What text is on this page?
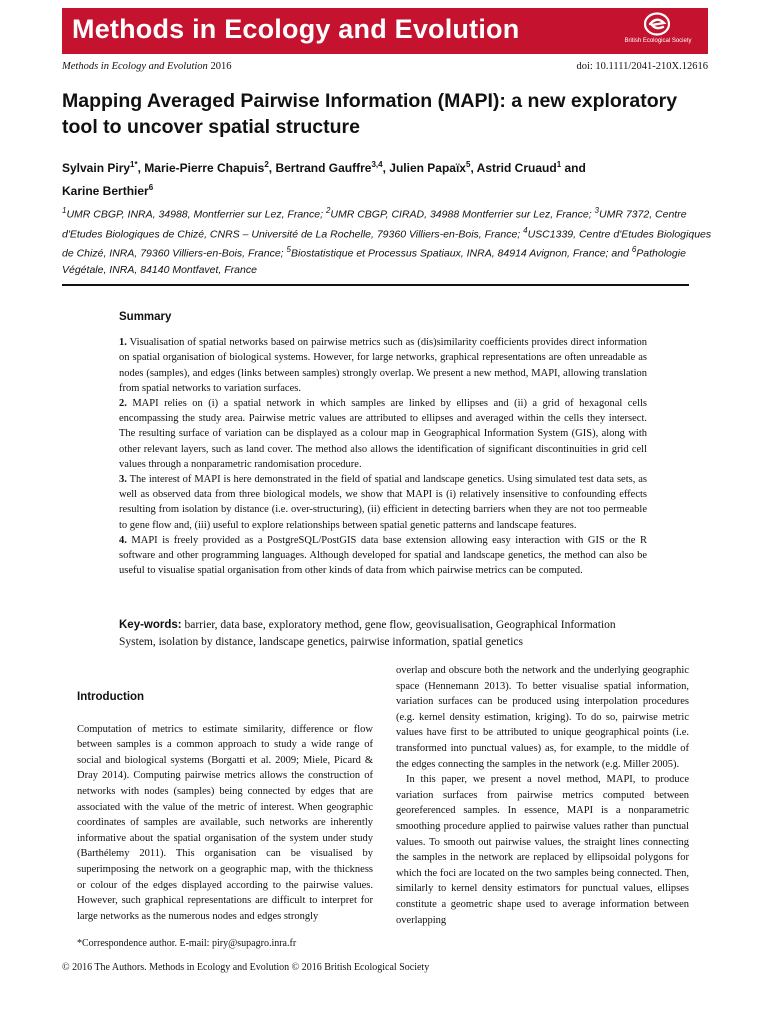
Methods in Ecology and Evolution	British Ecological Society
Methods in Ecology and Evolution 2016	doi: 10.1111/2041-210X.12616
Mapping Averaged Pairwise Information (MAPI): a new exploratory tool to uncover spatial structure
Sylvain Piry$^{1*}$, Marie-Pierre Chapuis$^2$, Bertrand Gauffre$^{3,4}$, Julien Papaïx$^5$, Astrid Cruaud$^1$ and
Karine Berthier$^6$
$^1$UMR CBGP, INRA, 34988, Montferrier sur Lez, France; $^2$UMR CBGP, CIRAD, 34988 Montferrier sur Lez, France; $^3$UMR 7372, Centre d'Etudes Biologiques de Chizé, CNRS – Université de La Rochelle, 79360 Villiers-en-Bois, France; $^4$USC1339, Centre d'Etudes Biologiques de Chizé, INRA, 79360 Villiers-en-Bois, France; $^5$Biostatistique et Processus Spatiaux, INRA, 84914 Avignon, France; and $^6$Pathologie Végétale, INRA, 84140 Montfavet, France
Summary

1. Visualisation of spatial networks based on pairwise metrics such as (dis)similarity coefficients provides direct information on spatial organisation of biological systems. However, for large networks, graphical representations are often unreadable as nodes (samples), and edges (links between samples) strongly overlap. We present a new method, MAPI, allowing translation from spatial networks to variation surfaces.

2. MAPI relies on (i) a spatial network in which samples are linked by ellipses and (ii) a grid of hexagonal cells encompassing the study area. Pairwise metric values are attributed to ellipses and averaged within the cells they intersect. The resulting surface of variation can be displayed as a colour map in Geographical Information System (GIS), along with other relevant layers, such as land cover. The method also allows the identification of significant discontinuities in grid cell values through a nonparametric randomisation procedure.

3. The interest of MAPI is here demonstrated in the field of spatial and landscape genetics. Using simulated test data sets, as well as observed data from three biological models, we show that MAPI is (i) relatively insensitive to confounding effects resulting from isolation by distance (i.e. over-structuring), (ii) efficient in detecting barriers when they are not too permeable to gene flow and, (iii) useful to explore relationships between spatial genetic patterns and landscape features.

4. MAPI is freely provided as a PostgreSQL/PostGIS data base extension allowing easy interaction with GIS or the R software and other programming languages. Although developed for spatial and landscape genetics, the method can also be useful to visualise spatial organisation from other kinds of data from which pairwise metrics can be computed.

Key-words: barrier, data base, exploratory method, gene flow, geovisualisation, Geographical Information System, isolation by distance, landscape genetics, pairwise information, spatial genetics
Introduction

Computation of metrics to estimate similarity, difference or flow between samples is a common approach to study a wide range of social and biological systems (Borgatti et al. 2009; Miele, Picard & Dray 2014). Computing pairwise metrics allows the construction of networks with nodes (samples) being connected by edges that are associated with the value of the metric of interest. When geographic coordinates of samples are available, such networks are inherently informative about the spatial organisation of the system under study (Barthélemy 2011). This organisation can be visualised by superimposing the network on a geographic map, with the thickness or colour of the edges displayed according to the pairwise values. However, such graphical representations are difficult to interpret for large networks as the numerous nodes and edges strongly

overlap and obscure both the network and the underlying geographic space (Hennemann 2013). To better visualise spatial information, variation surfaces can be produced using interpolation procedures (e.g. kernel density estimation, kriging). To do so, pairwise metric values have first to be attributed to unique geographical points (i.e. transformed into punctual values) as, for example, to the middle of the edges connecting the samples in the network (e.g. Miller 2005).

In this paper, we present a novel method, MAPI, to produce variation surfaces from pairwise metrics computed between georeferenced samples. In essence, MAPI is a nonparametric smoothing procedure applied to pairwise values rather than punctual values. To smooth out pairwise values, the straight lines connecting the samples in the network are replaced by ellipsoidal polygons for which the foci are located on the two samples being connected. Then, similarly to kernel density estimators for punctual values, ellipses constitute a geometric shape used to average information between overlapping

*Correspondence author. E-mail: piry@supagro.inra.fr
© 2016 The Authors. Methods in Ecology and Evolution © 2016 British Ecological Society
